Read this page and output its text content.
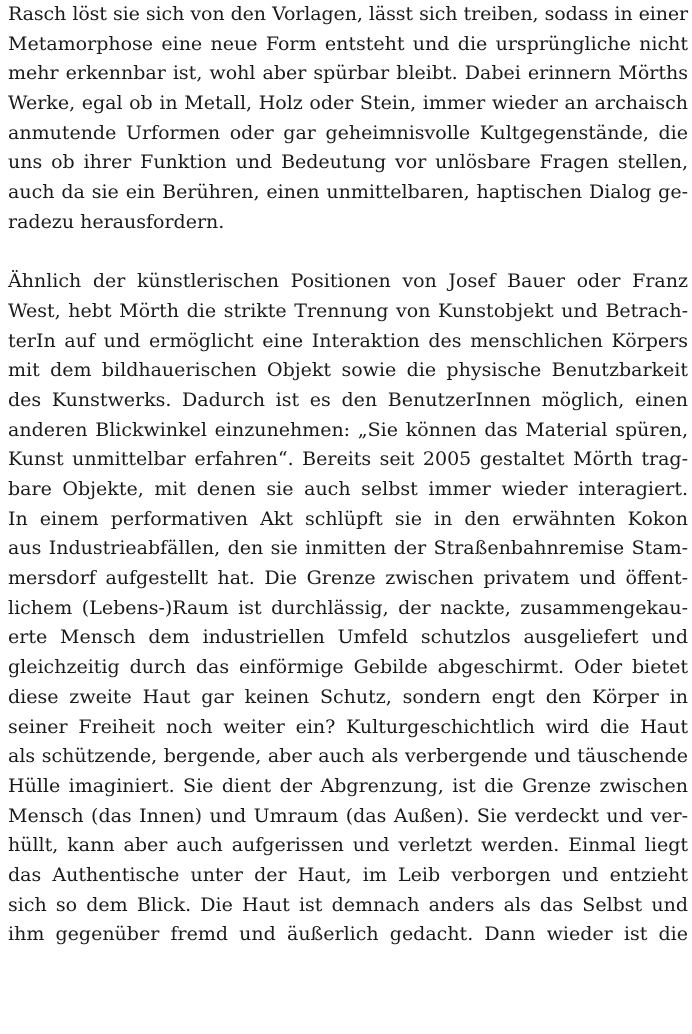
Rasch löst sie sich von den Vorlagen, lässt sich treiben, sodass in einer
Metamorphose eine neue Form entsteht und die ursprüngliche nicht
mehr erkennbar ist, wohl aber spürbar bleibt. Dabei erinnern Mörths
Werke, egal ob in Metall, Holz oder Stein, immer wieder an archaisch
anmutende Urformen oder gar geheimnisvolle Kultgegenstände, die
uns ob ihrer Funktion und Bedeutung vor unlösbare Fragen stellen,
auch da sie ein Berühren, einen unmittelbaren, haptischen Dialog ge-
radezu herausfordern.
Ähnlich der künstlerischen Positionen von Josef Bauer oder Franz
West, hebt Mörth die strikte Trennung von Kunstobjekt und Betrach-
terIn auf und ermöglicht eine Interaktion des menschlichen Körpers
mit dem bildhauerischen Objekt sowie die physische Benutzbarkeit
des Kunstwerks. Dadurch ist es den BenutzerInnen möglich, einen
anderen Blickwinkel einzunehmen: „Sie können das Material spüren,
Kunst unmittelbar erfahren“. Bereits seit 2005 gestaltet Mörth trag-
bare Objekte, mit denen sie auch selbst immer wieder interagiert.
In einem performativen Akt schlüpft sie in den erwähnten Kokon
aus Industrieabfällen, den sie inmitten der Straßenbahnremise Stam-
mersdorf aufgestellt hat. Die Grenze zwischen privatem und öffent-
lichem (Lebens-)Raum ist durchlässig, der nackte, zusammengekau-
erte Mensch dem industriellen Umfeld schutzlos ausgeliefert und
gleichzeitig durch das einförmige Gebilde abgeschirmt. Oder bietet
diese zweite Haut gar keinen Schutz, sondern engt den Körper in
seiner Freiheit noch weiter ein? Kulturgeschichtlich wird die Haut
als schützende, bergende, aber auch als verbergende und täuschende
Hülle imaginiert. Sie dient der Abgrenzung, ist die Grenze zwischen
Mensch (das Innen) und Umraum (das Außen). Sie verdeckt und ver-
hüllt, kann aber auch aufgerissen und verletzt werden. Einmal liegt
das Authentische unter der Haut, im Leib verborgen und entzieht
sich so dem Blick. Die Haut ist demnach anders als das Selbst und
ihm gegenüber fremd und äußerlich gedacht. Dann wieder ist die
